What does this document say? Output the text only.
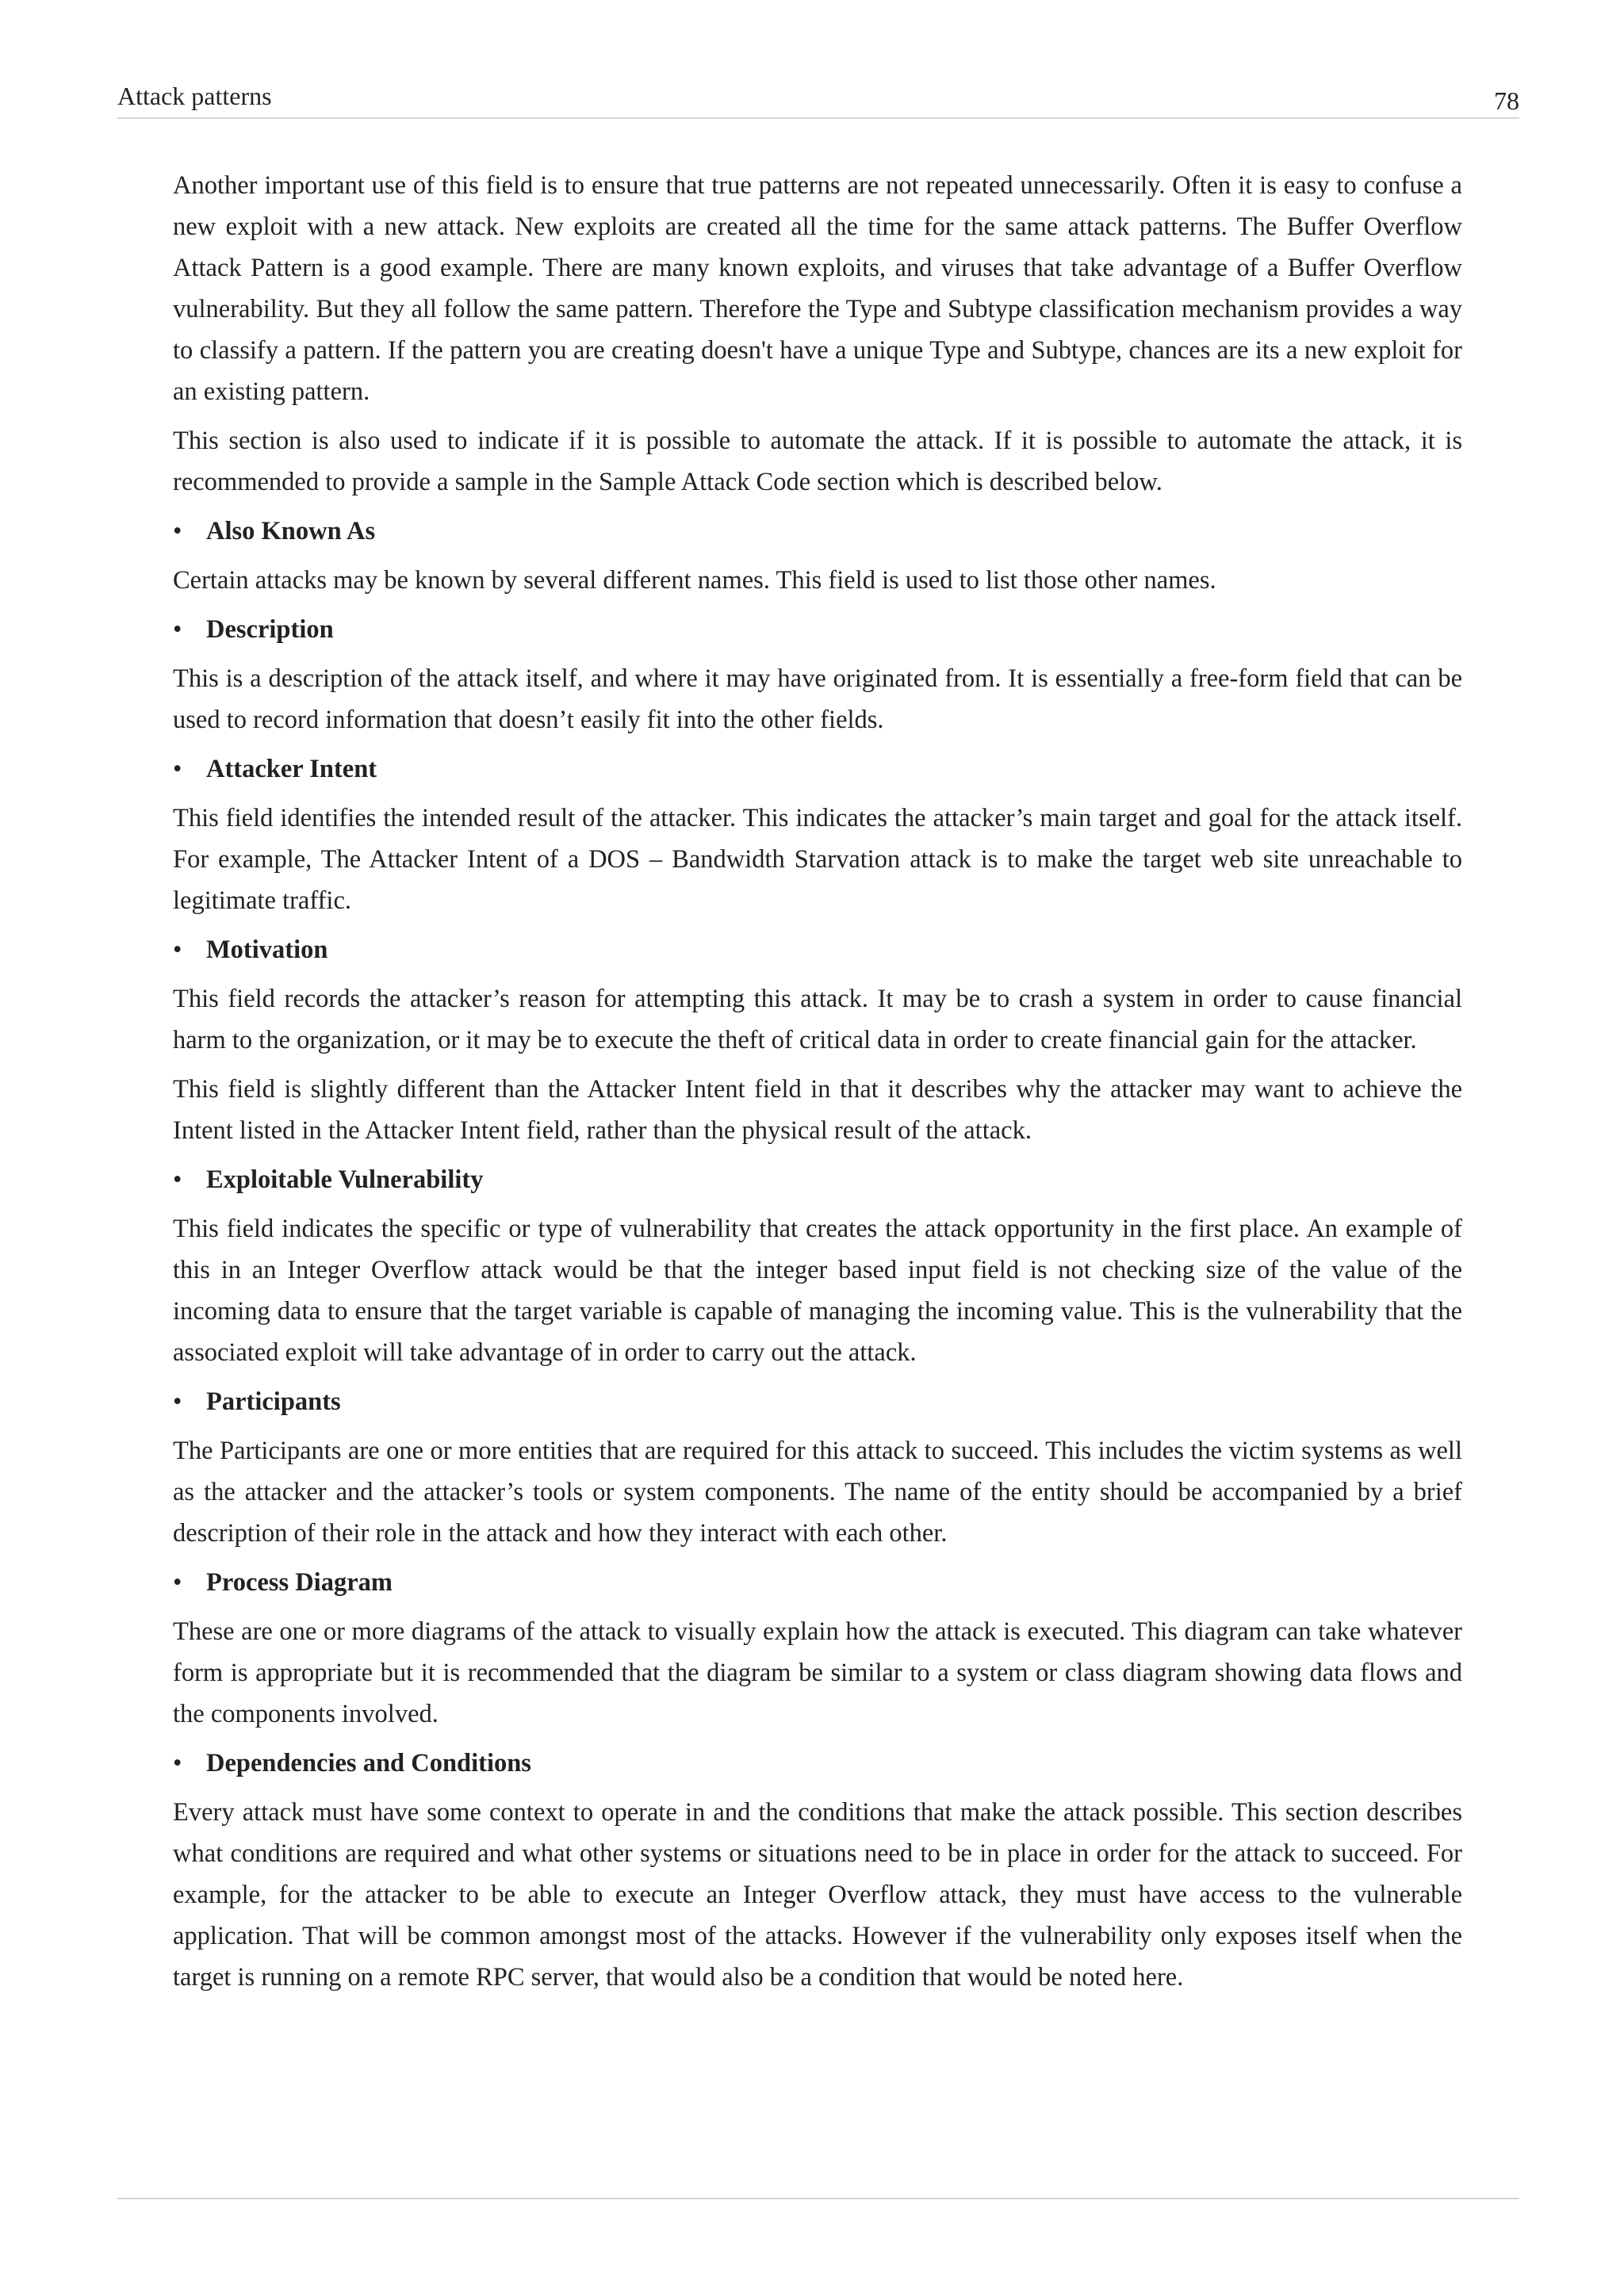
Attack patterns	78

Another important use of this field is to ensure that true patterns are not repeated unnecessarily. Often it is easy to confuse a new exploit with a new attack. New exploits are created all the time for the same attack patterns. The Buffer Overflow Attack Pattern is a good example. There are many known exploits, and viruses that take advantage of a Buffer Overflow vulnerability. But they all follow the same pattern. Therefore the Type and Subtype classification mechanism provides a way to classify a pattern. If the pattern you are creating doesn't have a unique Type and Subtype, chances are its a new exploit for an existing pattern.

This section is also used to indicate if it is possible to automate the attack. If it is possible to automate the attack, it is recommended to provide a sample in the Sample Attack Code section which is described below.

• Also Known As

Certain attacks may be known by several different names. This field is used to list those other names.

• Description

This is a description of the attack itself, and where it may have originated from. It is essentially a free-form field that can be used to record information that doesn’t easily fit into the other fields.

• Attacker Intent

This field identifies the intended result of the attacker. This indicates the attacker’s main target and goal for the attack itself. For example, The Attacker Intent of a DOS – Bandwidth Starvation attack is to make the target web site unreachable to legitimate traffic.

• Motivation

This field records the attacker’s reason for attempting this attack. It may be to crash a system in order to cause financial harm to the organization, or it may be to execute the theft of critical data in order to create financial gain for the attacker.

This field is slightly different than the Attacker Intent field in that it describes why the attacker may want to achieve the Intent listed in the Attacker Intent field, rather than the physical result of the attack.

• Exploitable Vulnerability

This field indicates the specific or type of vulnerability that creates the attack opportunity in the first place. An example of this in an Integer Overflow attack would be that the integer based input field is not checking size of the value of the incoming data to ensure that the target variable is capable of managing the incoming value. This is the vulnerability that the associated exploit will take advantage of in order to carry out the attack.

• Participants

The Participants are one or more entities that are required for this attack to succeed. This includes the victim systems as well as the attacker and the attacker’s tools or system components. The name of the entity should be accompanied by a brief description of their role in the attack and how they interact with each other.

• Process Diagram

These are one or more diagrams of the attack to visually explain how the attack is executed. This diagram can take whatever form is appropriate but it is recommended that the diagram be similar to a system or class diagram showing data flows and the components involved.

• Dependencies and Conditions

Every attack must have some context to operate in and the conditions that make the attack possible. This section describes what conditions are required and what other systems or situations need to be in place in order for the attack to succeed. For example, for the attacker to be able to execute an Integer Overflow attack, they must have access to the vulnerable application. That will be common amongst most of the attacks. However if the vulnerability only exposes itself when the target is running on a remote RPC server, that would also be a condition that would be noted here.
